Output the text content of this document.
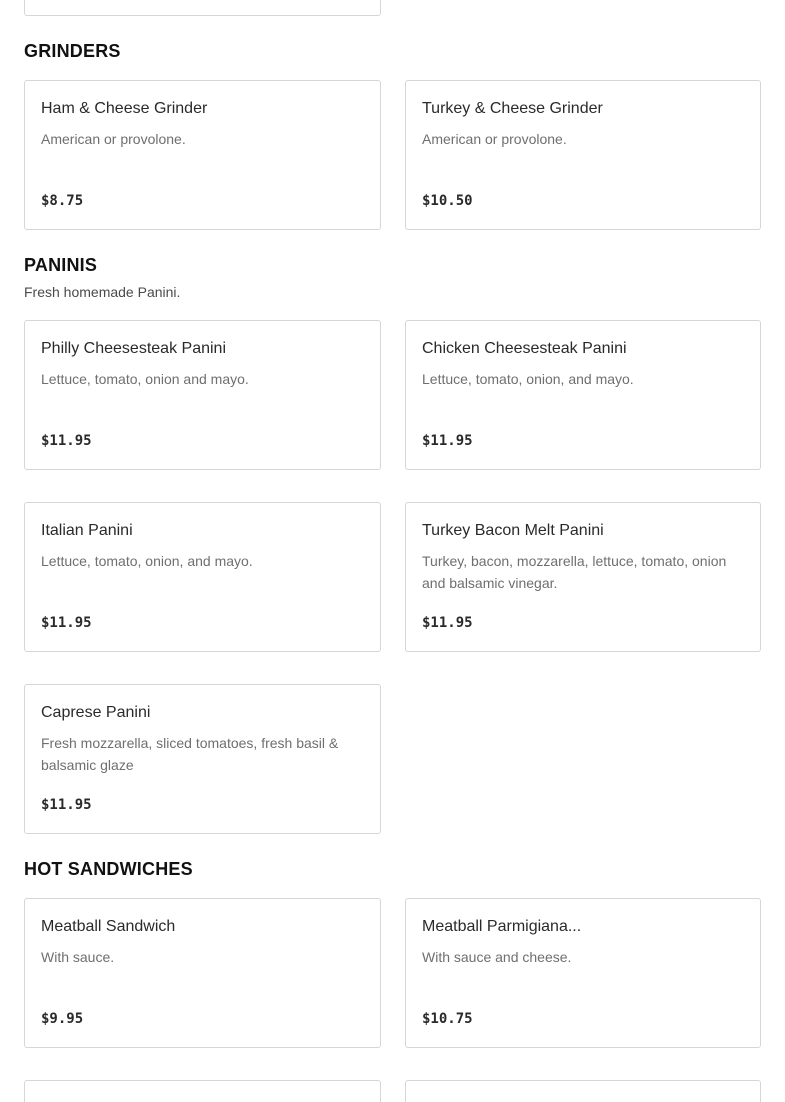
GRINDERS
Ham & Cheese Grinder
American or provolone.
$8.75
Turkey & Cheese Grinder
American or provolone.
$10.50
PANINIS

Fresh homemade Panini.

Philly Cheesesteak Panini
Lettuce, tomato, onion and mayo.
$11.95
Chicken Cheesesteak Panini
Lettuce, tomato, onion, and mayo.
$11.95
Italian Panini
Lettuce, tomato, onion, and mayo.
$11.95
Turkey Bacon Melt Panini
Turkey, bacon, mozzarella, lettuce, tomato, onion and balsamic vinegar.
$11.95
Caprese Panini
Fresh mozzarella, sliced tomatoes, fresh basil & balsamic glaze
$11.95
HOT SANDWICHES
Meatball Sandwich
With sauce.
$9.95
Meatball Parmigiana...
With sauce and cheese.
$10.75
